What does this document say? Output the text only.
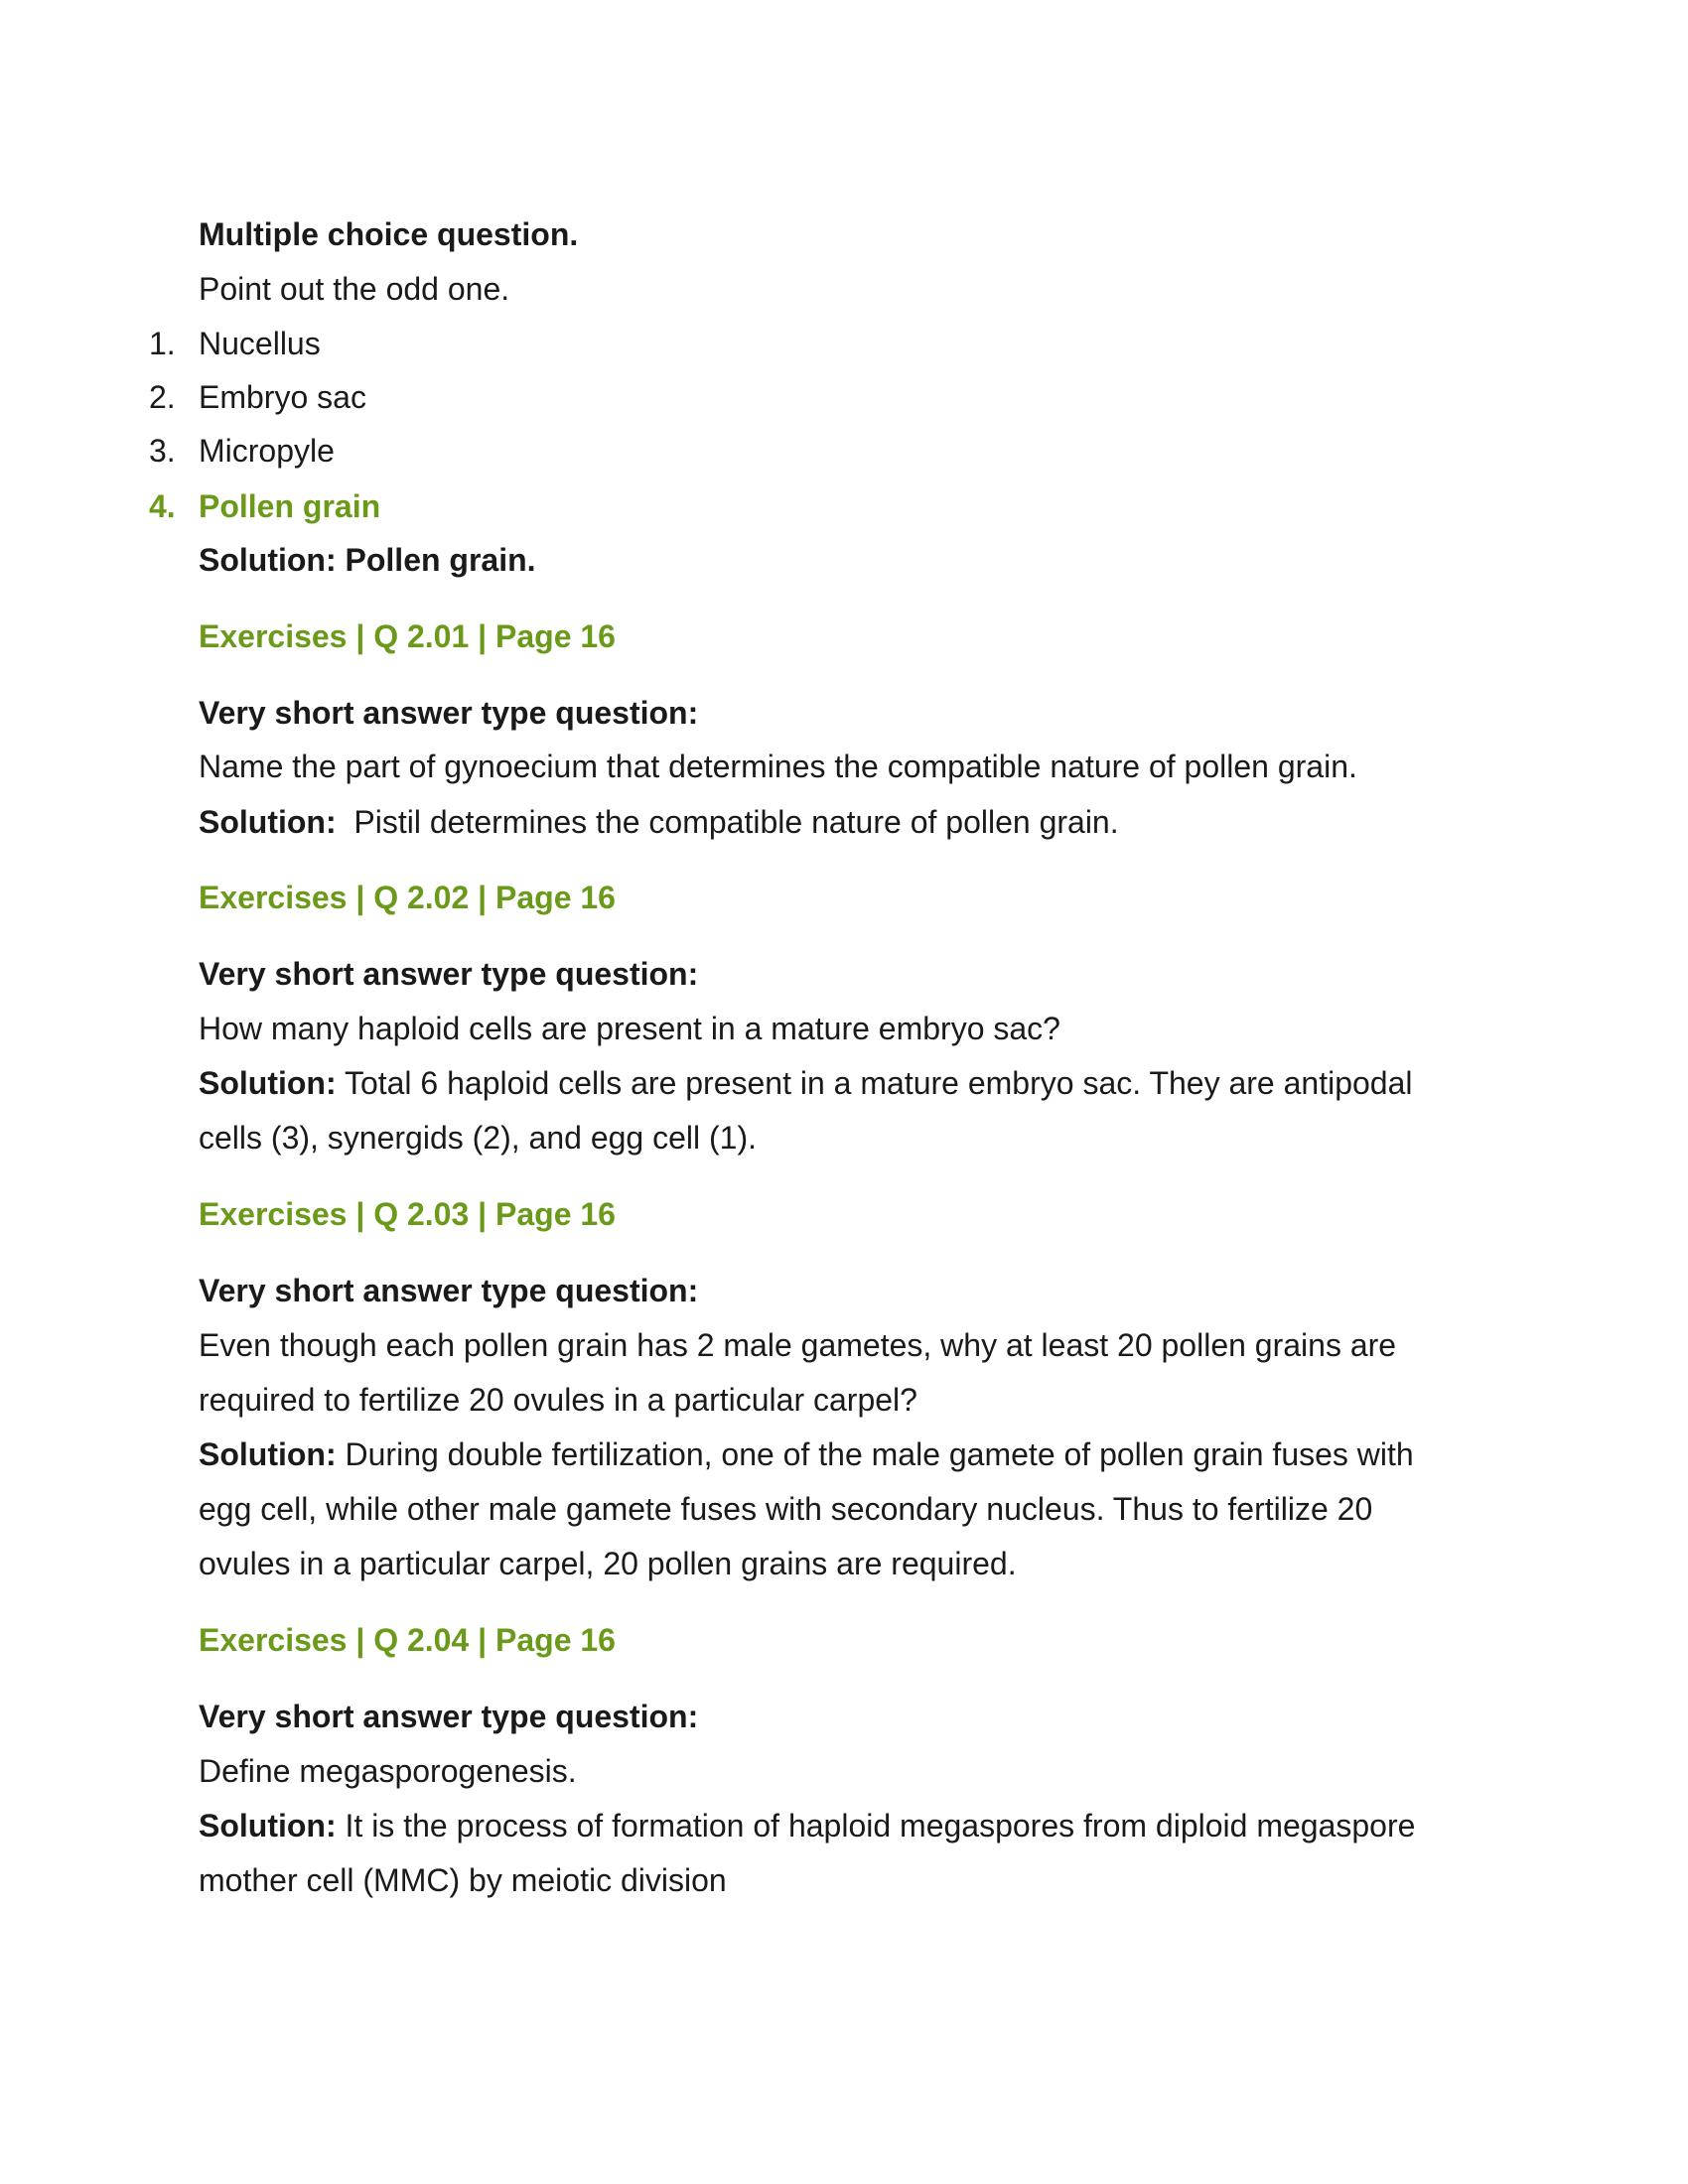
Multiple choice question.
Point out the odd one.
1. Nucellus
2. Embryo sac
3. Micropyle
4. Pollen grain
Solution: Pollen grain.
Exercises | Q 2.01 | Page 16
Very short answer type question:
Name the part of gynoecium that determines the compatible nature of pollen grain.
Solution:  Pistil determines the compatible nature of pollen grain.
Exercises | Q 2.02 | Page 16
Very short answer type question:
How many haploid cells are present in a mature embryo sac?
Solution: Total 6 haploid cells are present in a mature embryo sac. They are antipodal
cells (3), synergids (2), and egg cell (1).
Exercises | Q 2.03 | Page 16
Very short answer type question:
Even though each pollen grain has 2 male gametes, why at least 20 pollen grains are
required to fertilize 20 ovules in a particular carpel?
Solution: During double fertilization, one of the male gamete of pollen grain fuses with
egg cell, while other male gamete fuses with secondary nucleus. Thus to fertilize 20
ovules in a particular carpel, 20 pollen grains are required.
Exercises | Q 2.04 | Page 16
Very short answer type question:
Define megasporogenesis.
Solution: It is the process of formation of haploid megaspores from diploid megaspore
mother cell (MMC) by meiotic division
